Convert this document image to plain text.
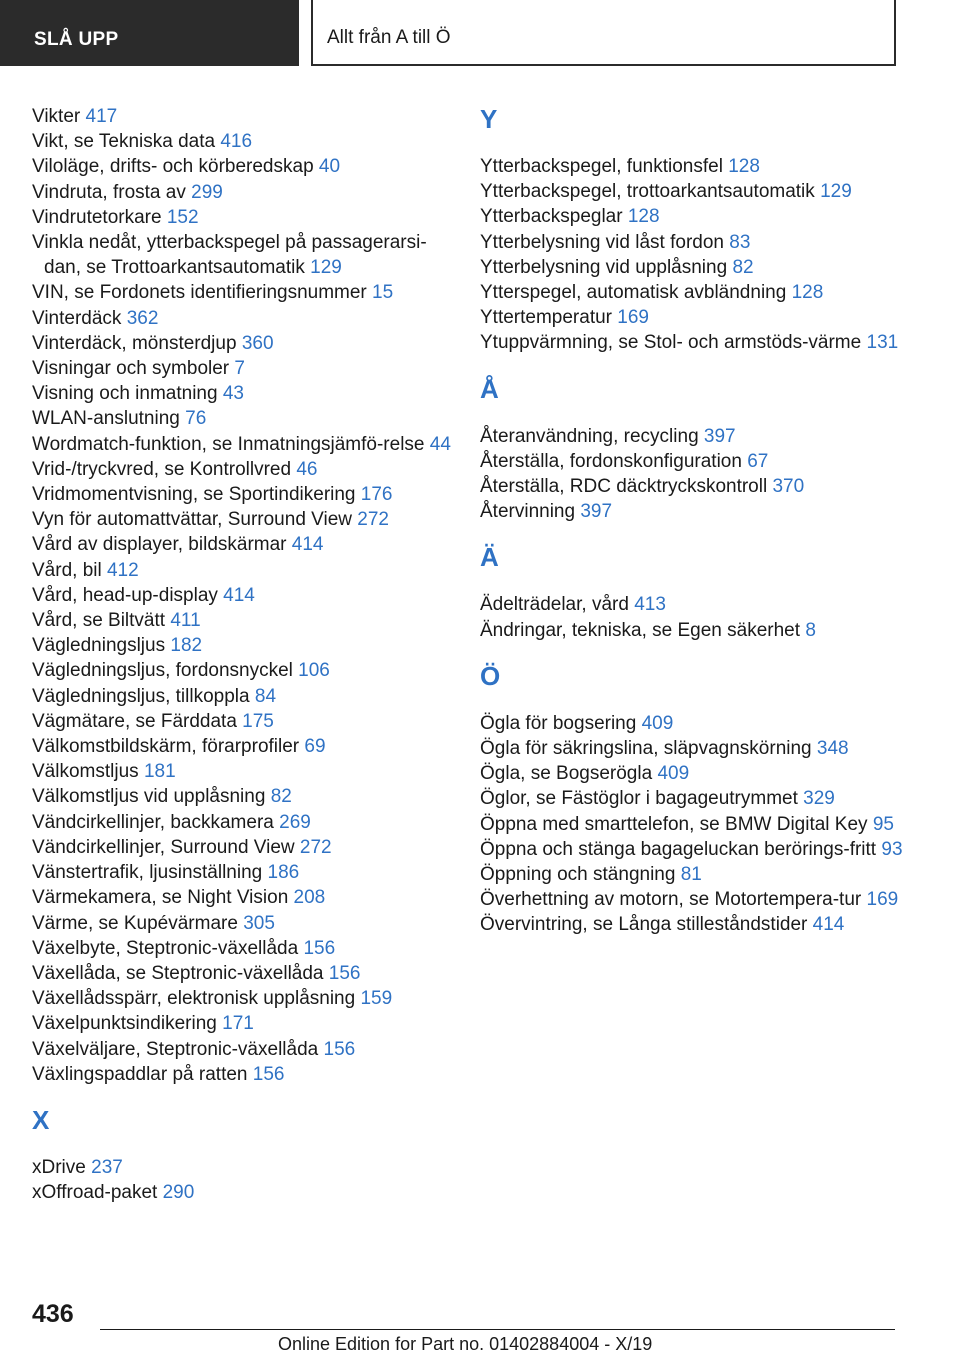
SLÅ UPP	Allt från A till Ö
Vikter 417
Vikt, se Tekniska data 416
Viloläge, drifts- och körberedskap 40
Vindruta, frosta av 299
Vindrutetorkare 152
Vinkla nedåt, ytterbackspegel på passagerarsi-dan, se Trottoarkantsautomatik 129
VIN, se Fordonets identifieringsnummer 15
Vinterdäck 362
Vinterdäck, mönsterdjup 360
Visningar och symboler 7
Visning och inmatning 43
WLAN-anslutning 76
Wordmatch-funktion, se Inmatningsjämfö-relse 44
Vrid-/tryckvred, se Kontrollvred 46
Vridmomentvisning, se Sportindikering 176
Vyn för automattvättar, Surround View 272
Vård av displayer, bildskärmar 414
Vård, bil 412
Vård, head-up-display 414
Vård, se Biltvätt 411
Vägledningsljus 182
Vägledningsljus, fordonsnyckel 106
Vägledningsljus, tillkoppla 84
Vägmätare, se Färddata 175
Välkomstbildskärm, förarprofiler 69
Välkomstljus 181
Välkomstljus vid upplåsning 82
Vändcirkellinjer, backkamera 269
Vändcirkellinjer, Surround View 272
Vänstertrafik, ljusinställning 186
Värmekamera, se Night Vision 208
Värme, se Kupévärmare 305
Växelbyte, Steptronic-växellåda 156
Växellåda, se Steptronic-växellåda 156
Växellådsspärr, elektronisk upplåsning 159
Växelpunktsindikering 171
Växelväljare, Steptronic-växellåda 156
Växlingspaddlar på ratten 156
X
xDrive 237
xOffroad-paket 290
Y
Ytterbackspegel, funktionsfel 128
Ytterbackspegel, trottoarkantsautomatik 129
Ytterbackspeglar 128
Ytterbelysning vid låst fordon 83
Ytterbelysning vid upplåsning 82
Ytterspegel, automatisk avbländning 128
Yttertemperatur 169
Ytuppvärmning, se Stol- och armstöds-värme 131
Å
Återanvändning, recycling 397
Återställa, fordonskonfiguration 67
Återställa, RDC däcktryckskontroll 370
Återvinning 397
Ä
Ädelträdelar, vård 413
Ändringar, tekniska, se Egen säkerhet 8
Ö
Ögla för bogsering 409
Ögla för säkringslina, släpvagnskörning 348
Ögla, se Bogserögla 409
Öglor, se Fästöglor i bagageutrymmet 329
Öppna med smarttelefon, se BMW Digital Key 95
Öppna och stänga bagageluckan berörings-fritt 93
Öppning och stängning 81
Överhettning av motorn, se Motortempera-tur 169
Övervintring, se Långa stilleståndstider 414
436
Online Edition for Part no. 01402884004 - X/19
